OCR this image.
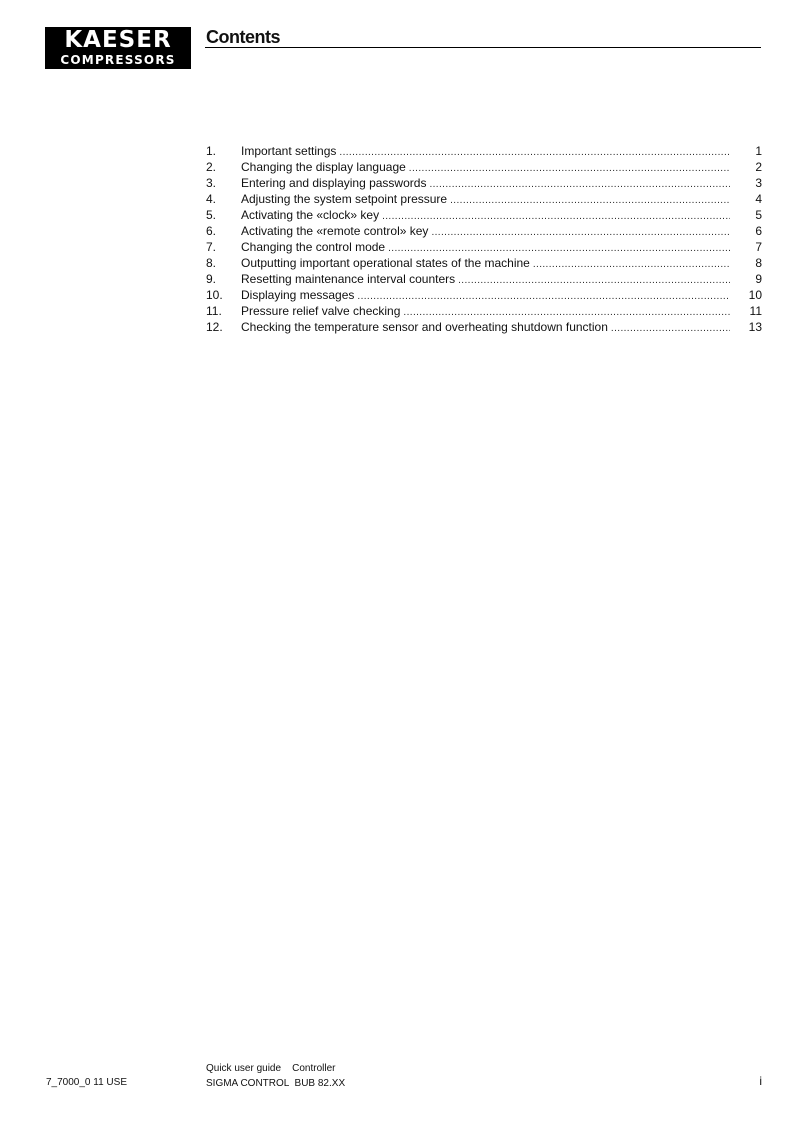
KAESER
COMPRESSORS
Contents
1.	Important settings .....	1
2.	Changing the display language .....	2
3.	Entering and displaying passwords .....	3
4.	Adjusting the system setpoint pressure .....	4
5.	Activating the «clock» key .....	5
6.	Activating the «remote control» key .....	6
7.	Changing the control mode .....	7
8.	Outputting important operational states of the machine .....	8
9.	Resetting maintenance interval counters .....	9
10.	Displaying messages .....	10
11.	Pressure relief valve checking .....	11
12.	Checking the temperature sensor and overheating shutdown function .....	13
7_7000_0 11 USE
Quick user guide    Controller
SIGMA CONTROL  BUB 82.XX	i
